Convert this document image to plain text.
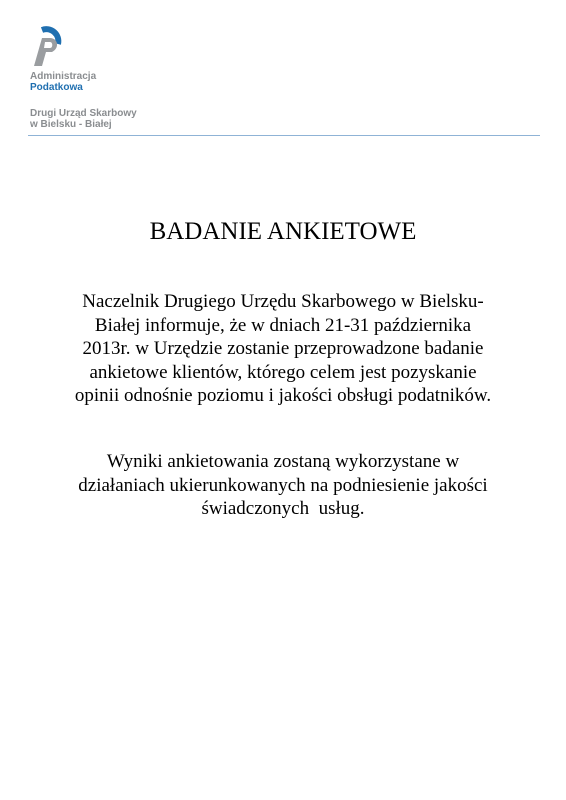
Administracja
Podatkowa
Drugi Urząd Skarbowy
w Bielsku - Białej
BADANIE ANKIETOWE
Naczelnik Drugiego Urzędu Skarbowego w Bielsku-
Białej informuje, że w dniach 21-31 października
2013r. w Urzędzie zostanie przeprowadzone badanie
ankietowe klientów, którego celem jest pozyskanie
opinii odnośnie poziomu i jakości obsługi podatników.
Wyniki ankietowania zostaną wykorzystane w
działaniach ukierunkowanych na podniesienie jakości
świadczonych  usług.
